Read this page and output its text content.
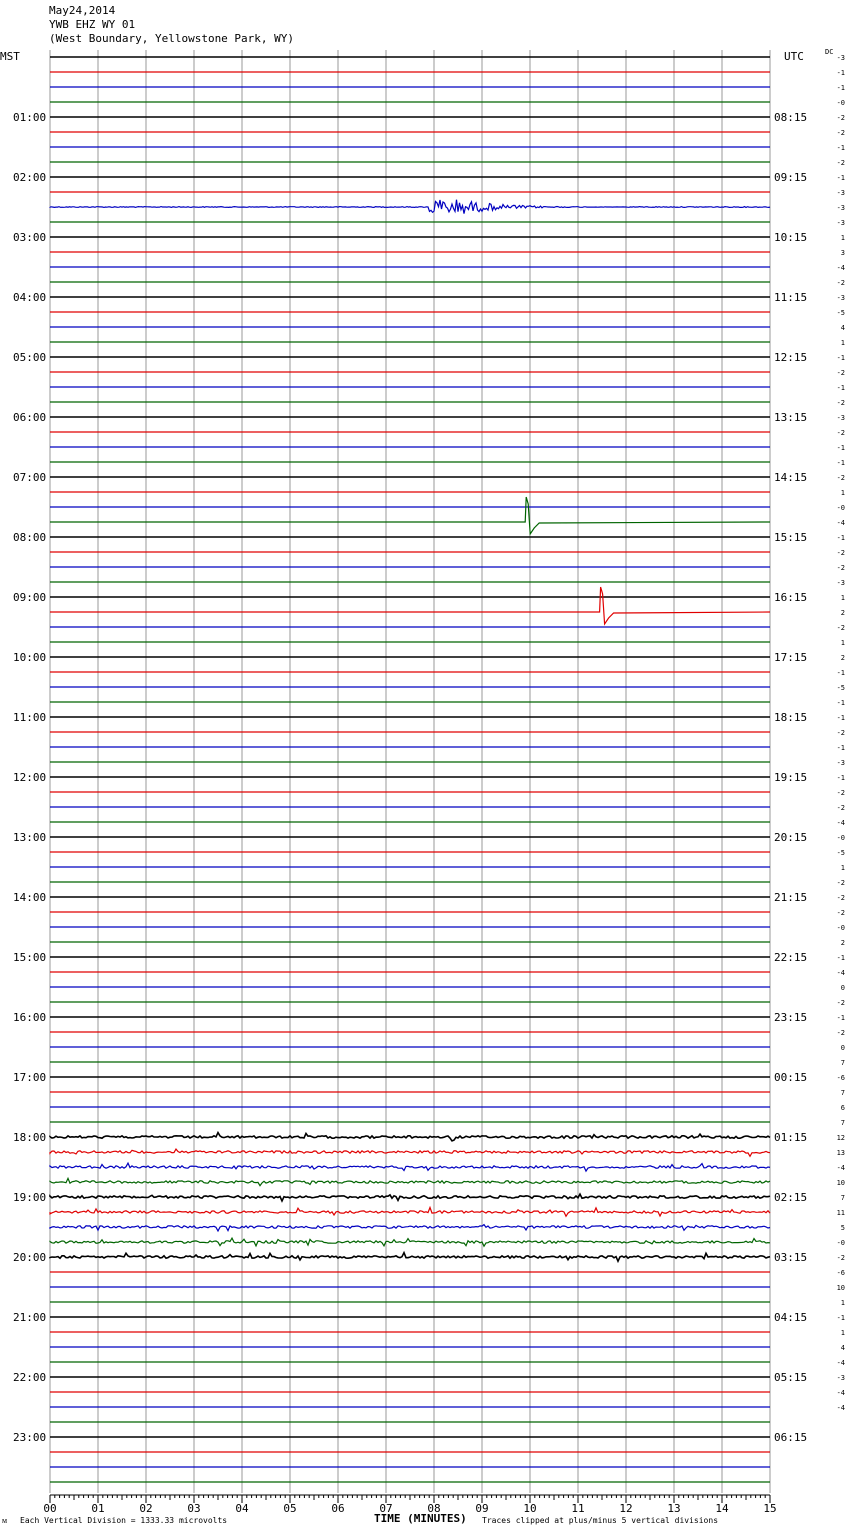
May24,2014
YWB EHZ WY 01
(West Boundary, Yellowstone Park, WY)
MST	UTC	DC
01:00
02:00
03:00
04:00
05:00
06:00
07:00
08:00
09:00
10:00
11:00
12:00
13:00
14:00
15:00
16:00
17:00
18:00
19:00
20:00
21:00
22:00
23:00
08:15
09:15
10:15
11:15
12:15
13:15
14:15
15:15
16:15
17:15
18:15
19:15
20:15
21:15
22:15
23:15
00:15
01:15
02:15
03:15
04:15
05:15
06:15
-3
-1
-1
-0
-2
-2
-1
-2
-1
-3
-3
-3
1
3
-4
-2
-3
-5
4
1
-1
-2
-1
-2
-3
-2
-1
-1
-2
1
-0
-4
-1
-2
-2
-3
1
2
-2
1
2
-1
-5
-1
-1
-2
-1
-3
-1
-2
-2
-4
-0
-5
1
-2
-2
-2
-0
2
-1
-4
0
-2
-1
-2
0
7
-6
7
6
7
12
13
-4
10
7
11
5
-0
-2
-6
10
1
-1
1
4
-4
-3
-4
-4
00	01	02	03	04	05	06	07	08	09	10	11	12	13	14	15
ᴍ Each Vertical Division = 1333.33 microvolts	TIME (MINUTES) Traces clipped at plus/minus 5 vertical divisions
